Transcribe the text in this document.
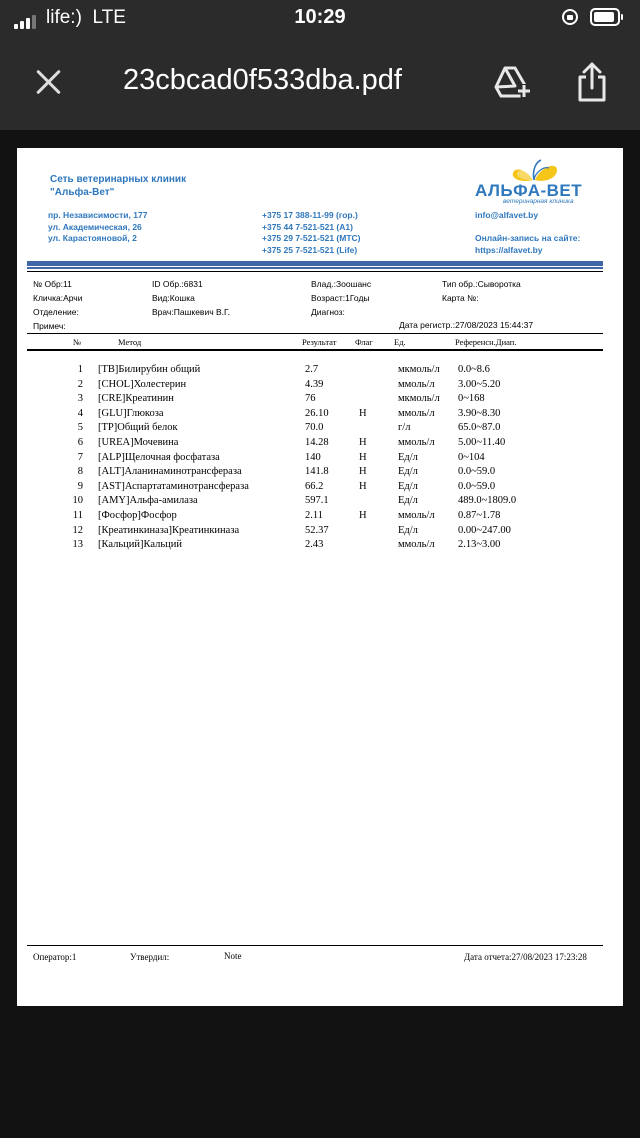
life:) LTE	10:29
23cbcad0f533dba.pdf
Сеть ветеринарных клиник
"Альфа-Вет"
пр. Независимости, 177
ул. Академическая, 26
ул. Карастояновой, 2
+375 17 388-11-99 (гор.)
+375 44 7-521-521 (A1)
+375 29 7-521-521 (МТС)
+375 25 7-521-521 (Life)
info@alfavet.by
Онлайн-запись на сайте:
https://alfavet.by
АЛЬФА-ВЕТ
ветеринарная клиника
№ Обр:11	ID Обр.:6831	Влад.:Зоошанс	Тип обр.:Сыворотка
Кличка:Арчи	Вид:Кошка	Возраст:1Годы	Карта №:
Отделение:	Врач:Пашкевич В.Г.	Диагноз:
Примеч:	Дата регистр.:27/08/2023 15:44:37
№	Метод	Результат Флаг Ед.	Референсн.Диап.
1 [TB]Билирубин общий	2.7	мкмоль/л 0.0~8.6
2 [CHOL]Холестерин	4.39	ммоль/л 3.00~5.20
3 [CRE]Креатинин	76	мкмоль/л 0~168
4 [GLU]Глюкоза	26.10	H	ммоль/л 3.90~8.30
5 [TP]Общий белок	70.0	г/л	65.0~87.0
6 [UREA]Мочевина	14.28	H	ммоль/л 5.00~11.40
7 [ALP]Щелочная фосфатаза	140	H	Ед/л	0~104
8 [ALT]Аланинаминотрансфераза	141.8	H	Ед/л	0.0~59.0
9 [AST]Аспартатаминотрансфераза	66.2	H	Ед/л	0.0~59.0
10 [AMY]Альфа-амилаза	597.1	Ед/л	489.0~1809.0
11 [Фосфор]Фосфор	2.11	H	ммоль/л 0.87~1.78
12 [Креатинкиназа]Креатинкиназа	52.37	Ед/л	0.00~247.00
13 [Кальций]Кальций	2.43	ммоль/л 2.13~3.00
Оператор:1	Утвердил:	Note	Дата отчета:27/08/2023 17:23:28
